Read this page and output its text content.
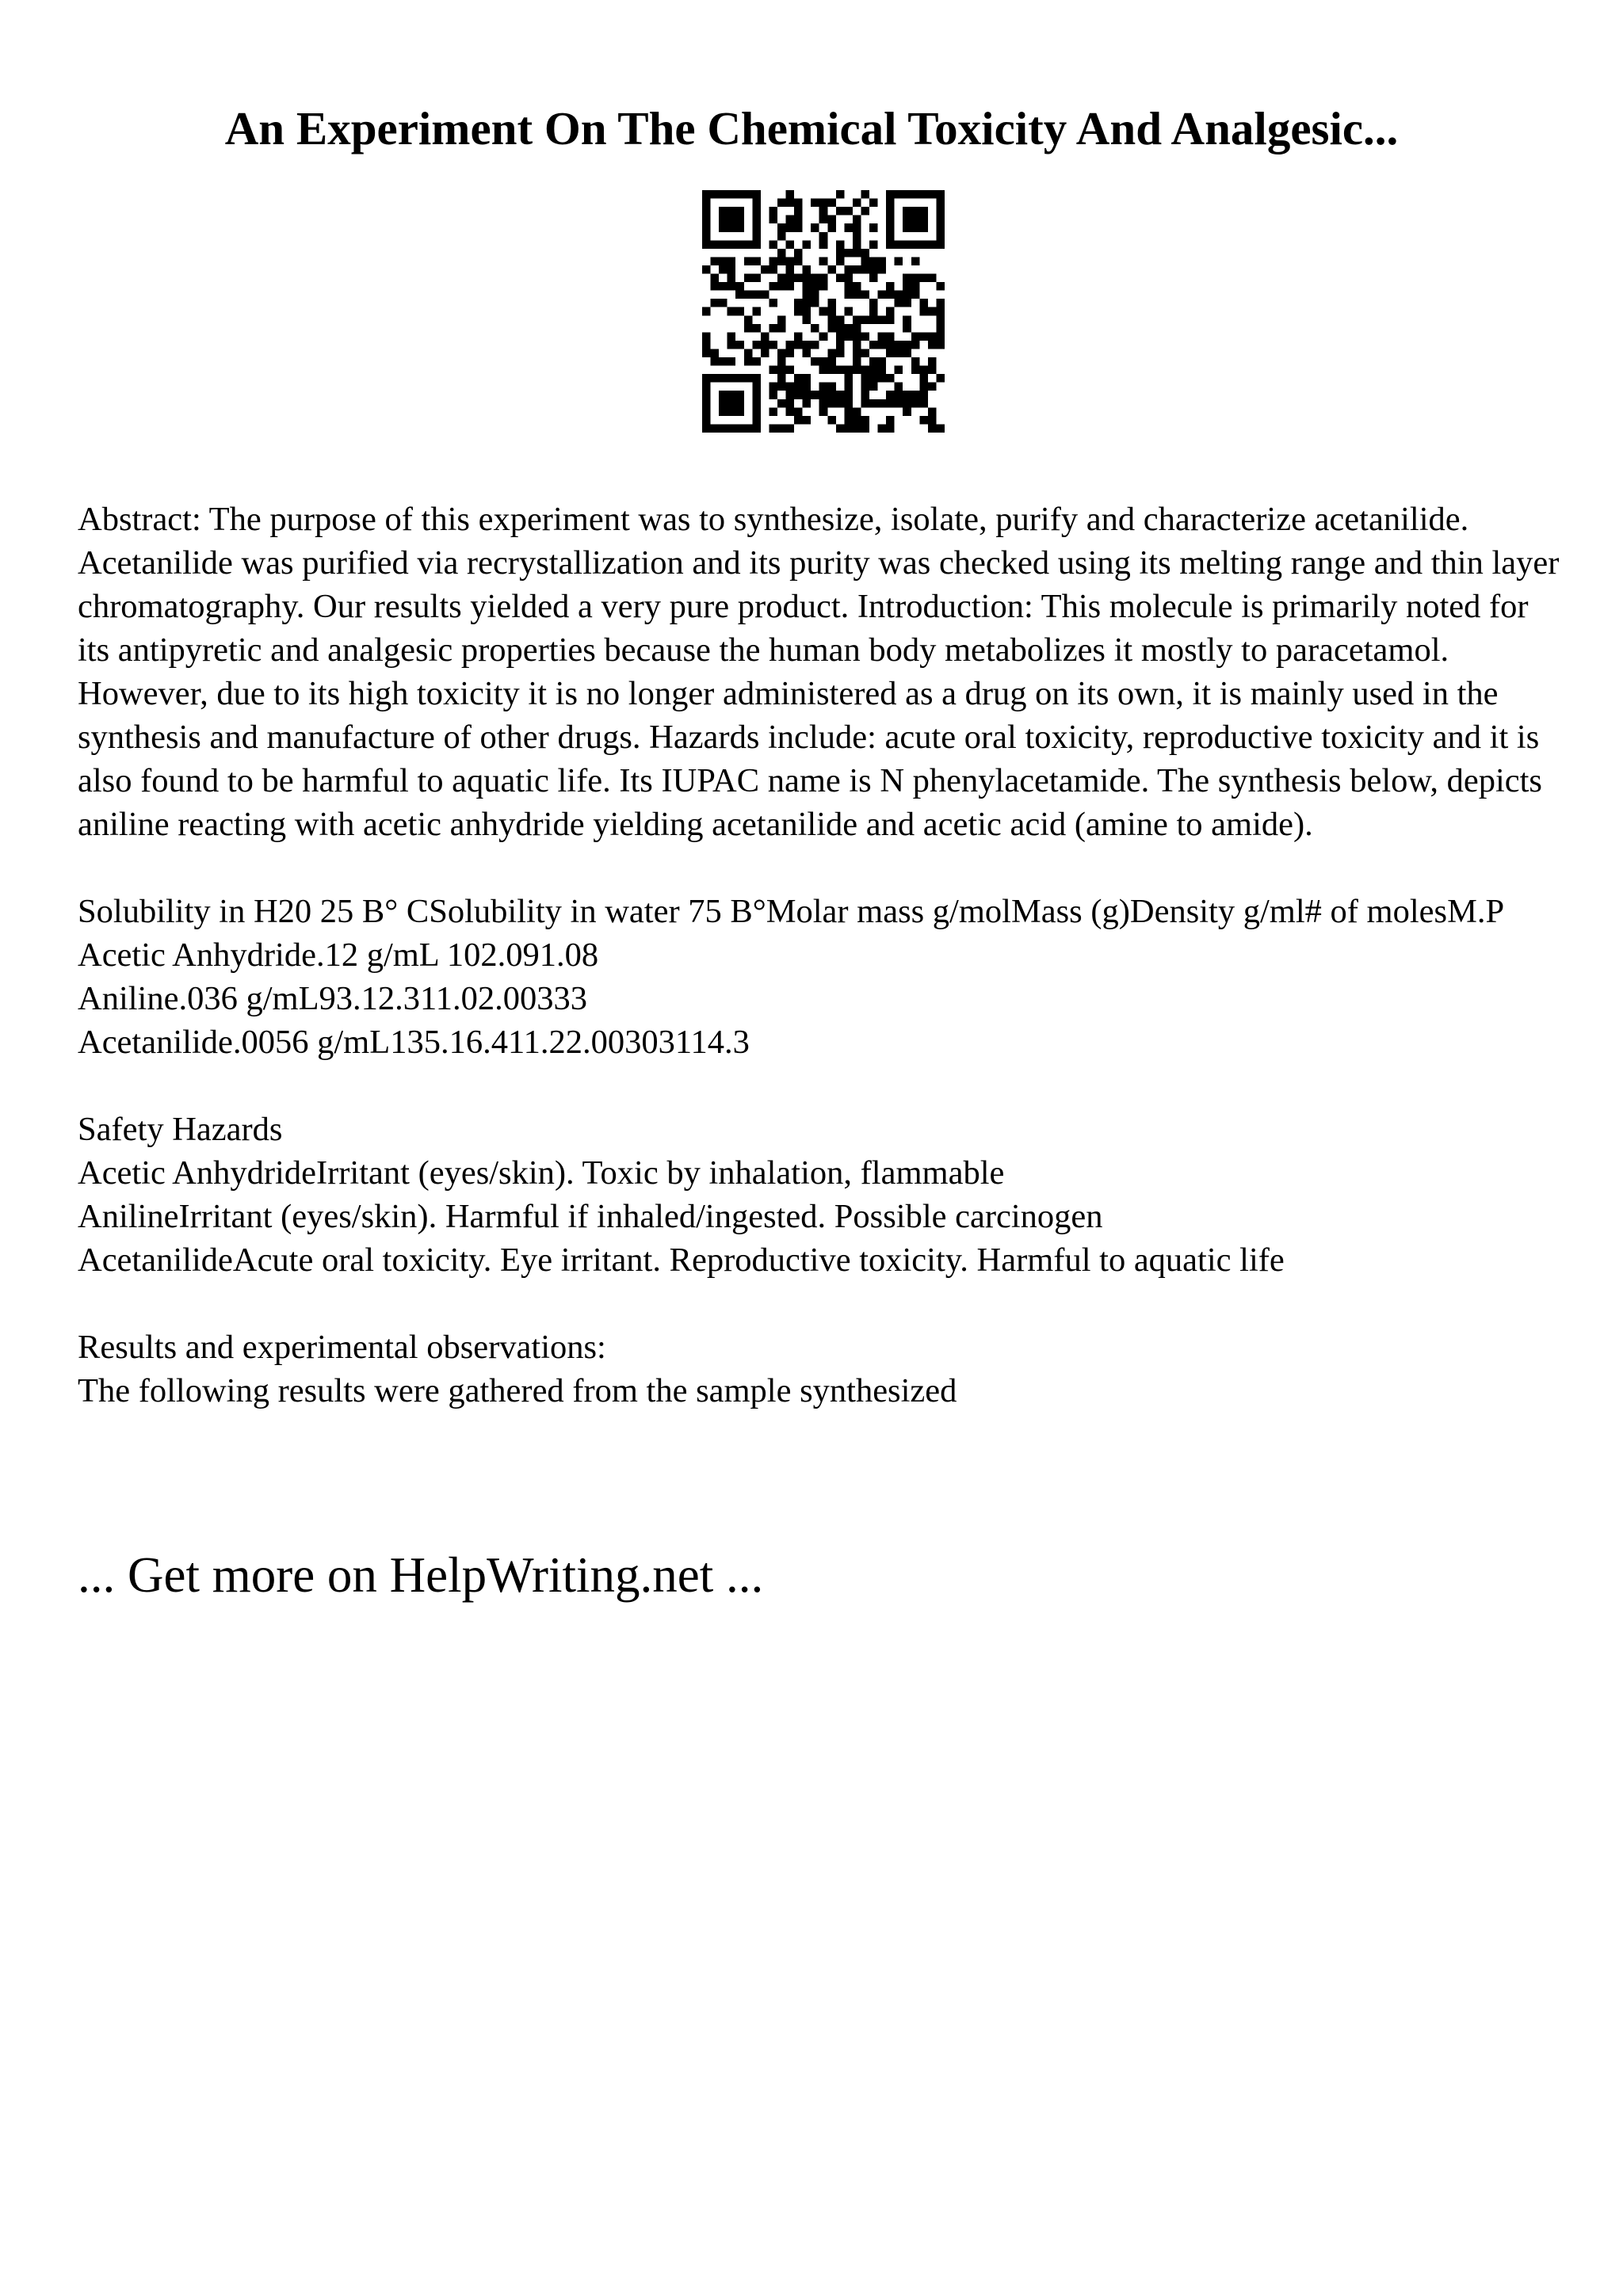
An Experiment On The Chemical Toxicity And Analgesic...

Abstract: The purpose of this experiment was to synthesize, isolate, purify and characterize acetanilide. Acetanilide was purified via recrystallization and its purity was checked using its melting range and thin layer chromatography. Our results yielded a very pure product. Introduction: This molecule is primarily noted for its antipyretic and analgesic properties because the human body metabolizes it mostly to paracetamol. However, due to its high toxicity it is no longer administered as a drug on its own, it is mainly used in the synthesis and manufacture of other drugs. Hazards include: acute oral toxicity, reproductive toxicity and it is also found to be harmful to aquatic life. Its IUPAC name is N phenylacetamide. The synthesis below, depicts aniline reacting with acetic anhydride yielding acetanilide and acetic acid (amine to amide).

Solubility in H20 25 B° CSolubility in water 75 B°Molar mass g/molMass (g)Density g/ml# of molesM.P

Acetic Anhydride.12 g/mL 102.091.08
Aniline.036 g/mL93.12.311.02.00333
Acetanilide.0056 g/mL135.16.411.22.00303114.3
Safety Hazards
Acetic AnhydrideIrritant (eyes/skin). Toxic by inhalation, flammable
AnilineIrritant (eyes/skin). Harmful if inhaled/ingested. Possible carcinogen
AcetanilideAcute oral toxicity. Eye irritant. Reproductive toxicity. Harmful to aquatic life
Results and experimental observations:
The following results were gathered from the sample synthesized

... Get more on HelpWriting.net ...
